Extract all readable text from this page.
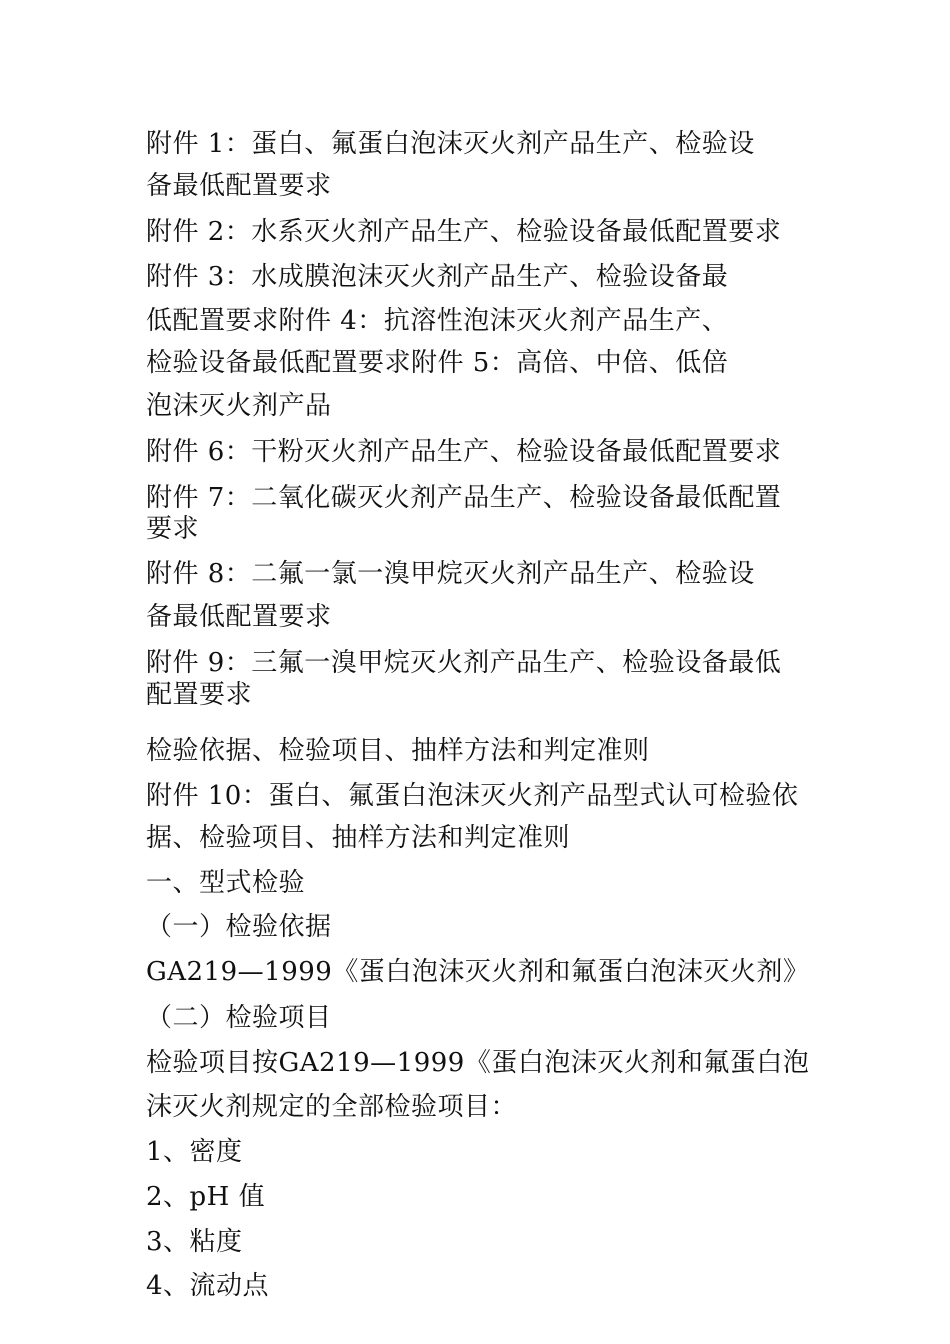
附件 1：蛋白、氟蛋白泡沫灭火剂产品生产、检验设

备最低配置要求

附件 2：水系灭火剂产品生产、检验设备最低配置要求

附件 3：水成膜泡沫灭火剂产品生产、检验设备最

低配置要求附件 4：抗溶性泡沫灭火剂产品生产、

检验设备最低配置要求附件 5：高倍、中倍、低倍

泡沫灭火剂产品

附件 6：干粉灭火剂产品生产、检验设备最低配置要求

附件 7：二氧化碳灭火剂产品生产、检验设备最低配置

要求

附件 8：二氟一氯一溴甲烷灭火剂产品生产、检验设

备最低配置要求

附件 9：三氟一溴甲烷灭火剂产品生产、检验设备最低

配置要求

检验依据、检验项目、抽样方法和判定准则

附件 10：蛋白、氟蛋白泡沫灭火剂产品型式认可检验依

据、检验项目、抽样方法和判定准则

一、型式检验

（一）检验依据

GA219—1999《蛋白泡沫灭火剂和氟蛋白泡沫灭火剂》

（二）检验项目

检验项目按GA219—1999《蛋白泡沫灭火剂和氟蛋白泡

沫灭火剂规定的全部检验项目：

1、密度

2、pH 值

3、粘度

4、流动点
